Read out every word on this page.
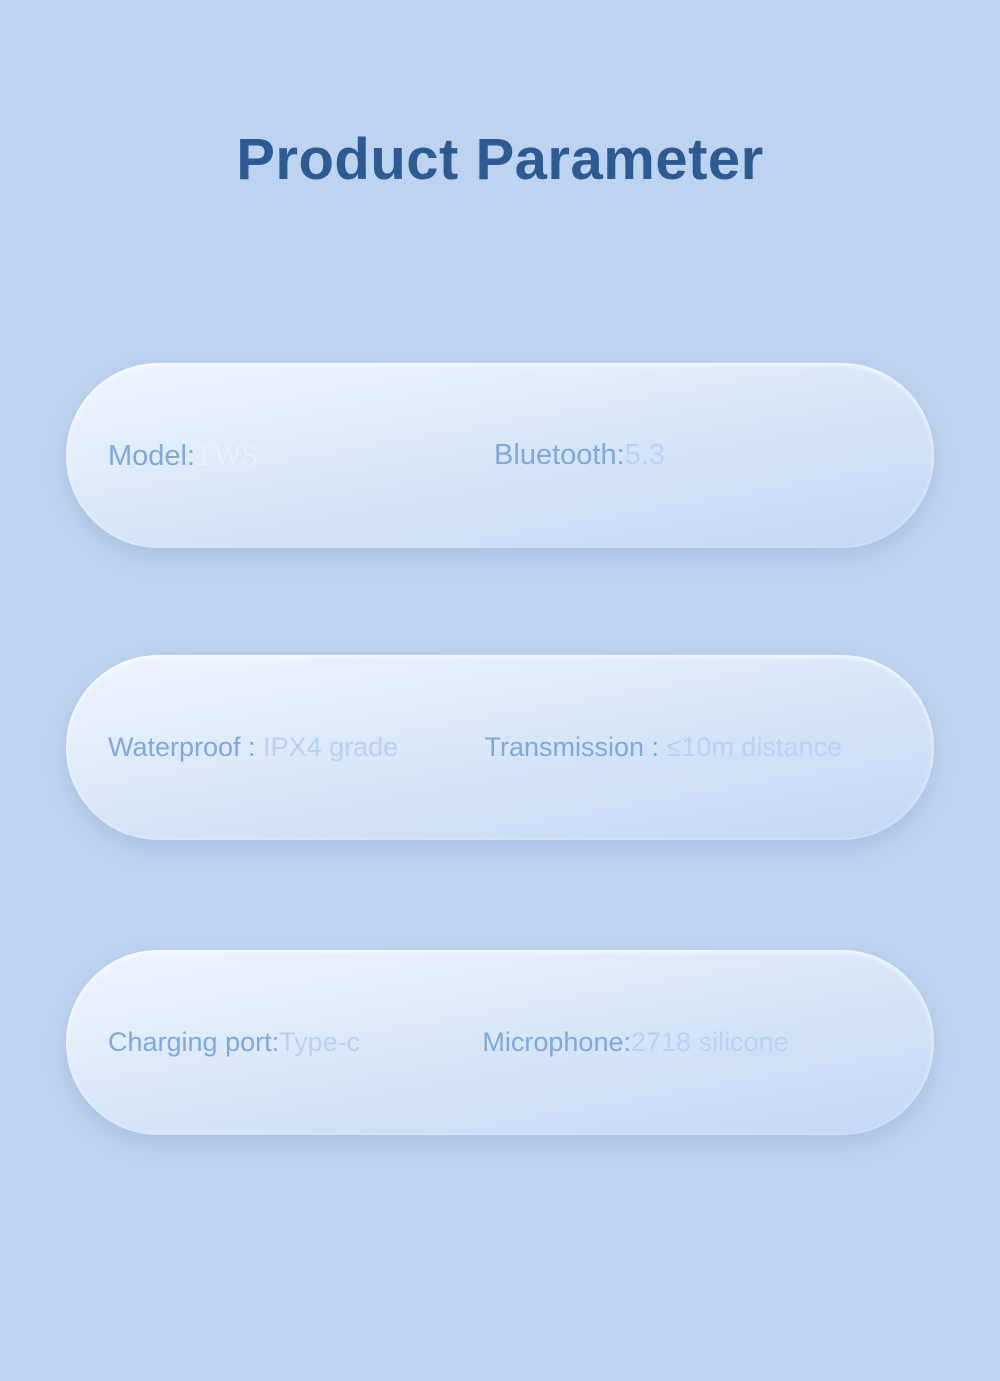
Product Parameter
Model:TWS	Bluetooth:5.3
Waterproof : IPX4 grade	Transmission : ≤10m distance
Charging port:Type-c	Microphone:2718 silicone
